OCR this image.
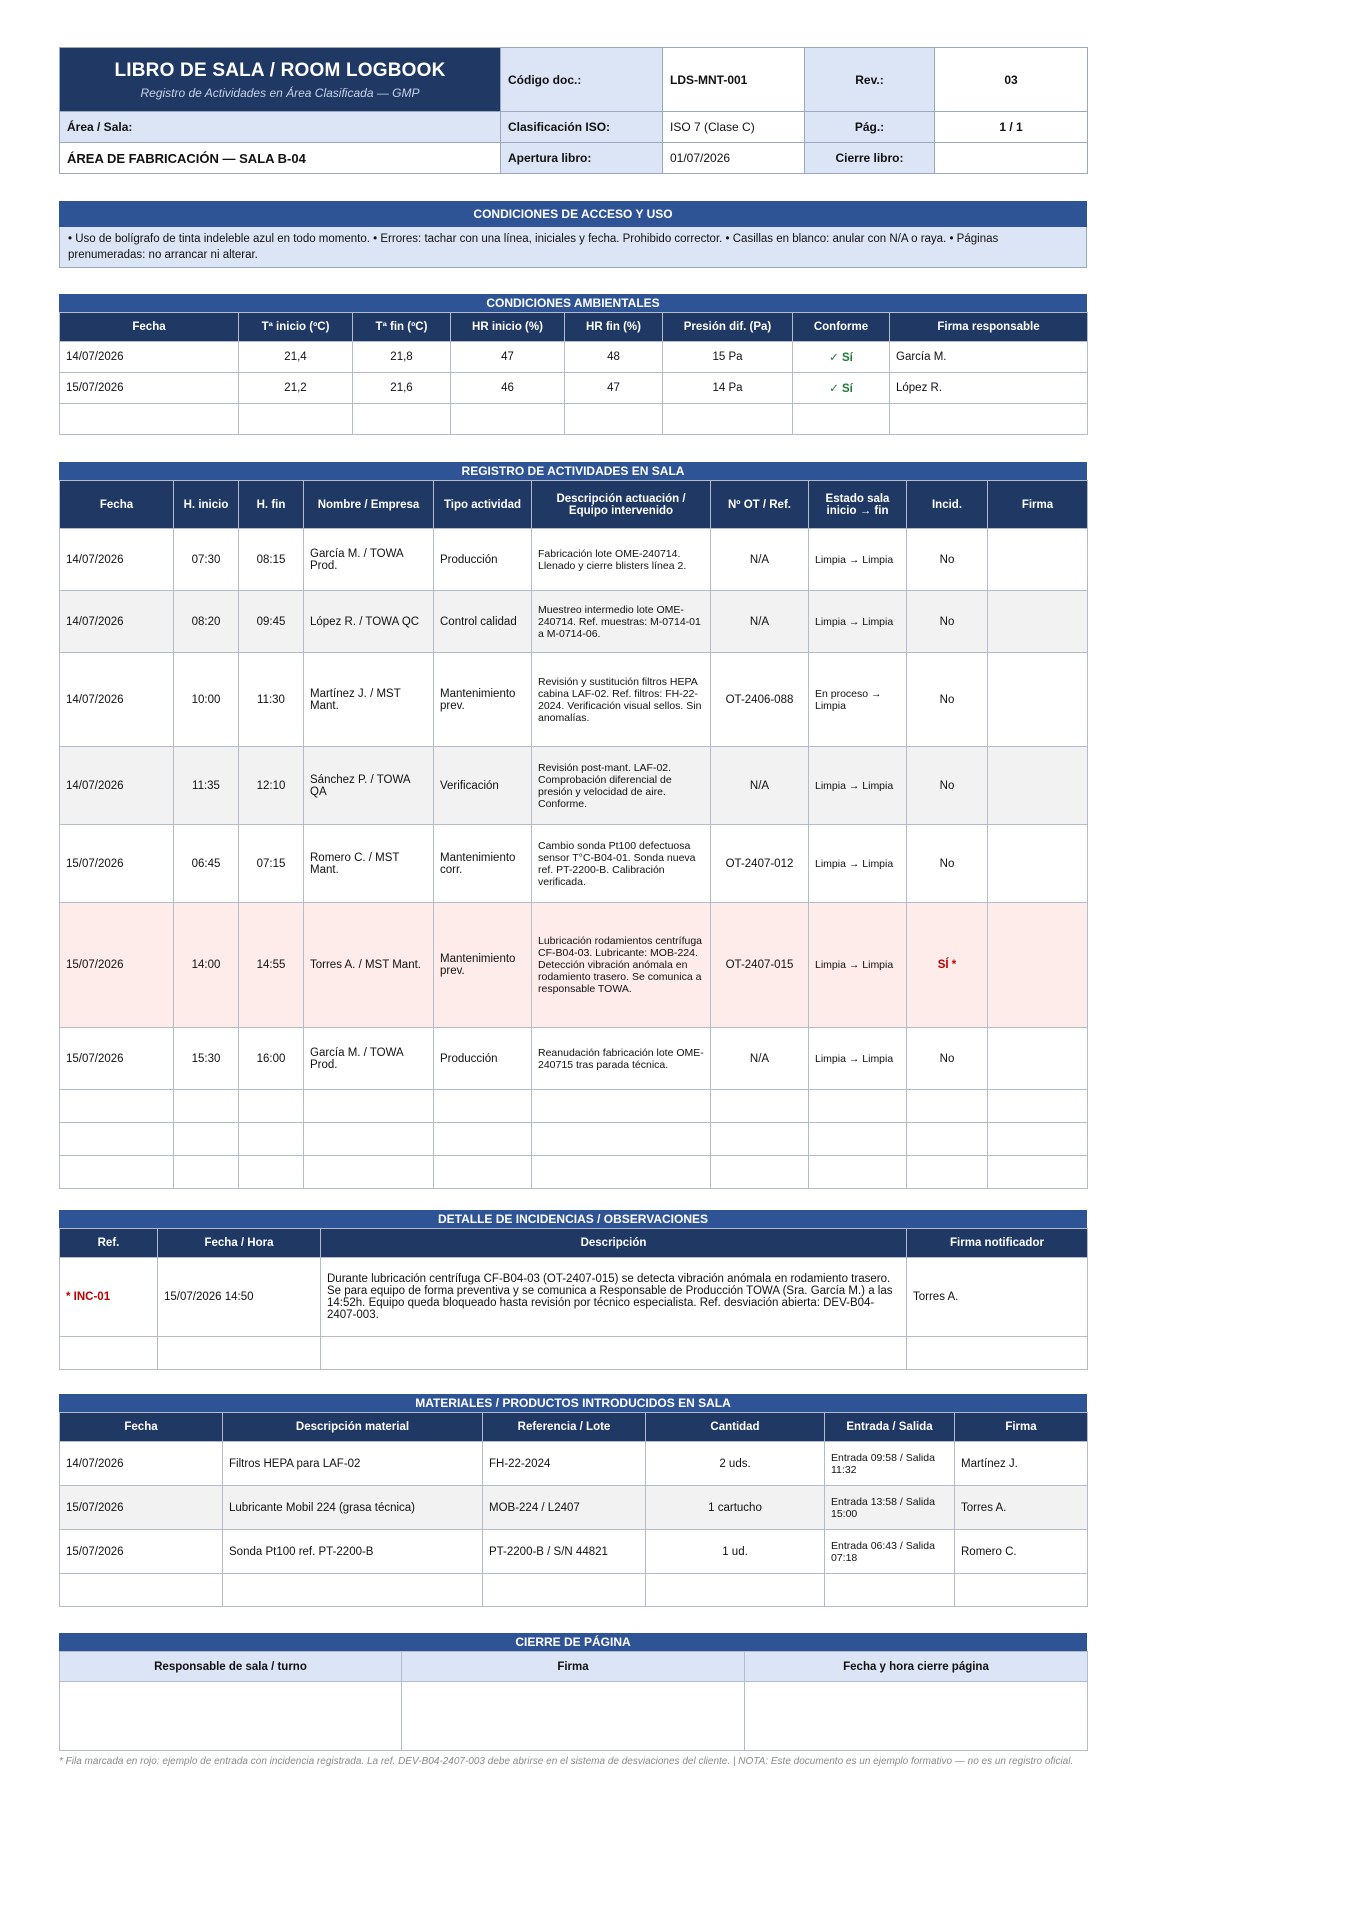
LIBRO DE SALA / ROOM LOGBOOK
Registro de Actividades en Área Clasificada — GMP	Código doc.:	LDS-MNT-001	Rev.:	03
Área / Sala:	Clasificación ISO:	ISO 7 (Clase C)	Pág.:	1 / 1
ÁREA DE FABRICACIÓN — SALA B-04	Apertura libro:	01/07/2026	Cierre libro:	
CONDICIONES DE ACCESO Y USO
• Uso de bolígrafo de tinta indeleble azul en todo momento. • Errores: tachar con una línea, iniciales y fecha. Prohibido corrector. • Casillas en blanco: anular con N/A o raya. • Páginas prenumeradas: no arrancar ni alterar.
CONDICIONES AMBIENTALES
Fecha	Tª inicio (ºC)	Tª fin (ºC)	HR inicio (%)	HR fin (%)	Presión dif. (Pa)	Conforme	Firma responsable
14/07/2026	21,4	21,8	47	48	15 Pa	✓ Sí	García M.
15/07/2026	21,2	21,6	46	47	14 Pa	✓ Sí	López R.

REGISTRO DE ACTIVIDADES EN SALA
Fecha	H. inicio	H. fin	Nombre / Empresa	Tipo actividad	Descripción actuación / Equipo intervenido	Nº OT / Ref.	Estado sala inicio → fin	Incid.	Firma
14/07/2026	07:30	08:15	García M. / TOWA Prod.	Producción	Fabricación lote OME-240714. Llenado y cierre blisters línea 2.	N/A	Limpia → Limpia	No	
14/07/2026	08:20	09:45	López R. / TOWA QC	Control calidad	Muestreo intermedio lote OME-240714. Ref. muestras: M-0714-01 a M-0714-06.	N/A	Limpia → Limpia	No	
14/07/2026	10:00	11:30	Martínez J. / MST Mant.	Mantenimiento prev.	Revisión y sustitución filtros HEPA cabina LAF-02. Ref. filtros: FH-22-2024. Verificación visual sellos. Sin anomalías.	OT-2406-088	En proceso → Limpia	No	
14/07/2026	11:35	12:10	Sánchez P. / TOWA QA	Verificación	Revisión post-mant. LAF-02. Comprobación diferencial de presión y velocidad de aire. Conforme.	N/A	Limpia → Limpia	No	
15/07/2026	06:45	07:15	Romero C. / MST Mant.	Mantenimiento corr.	Cambio sonda Pt100 defectuosa sensor T°C-B04-01. Sonda nueva ref. PT-2200-B. Calibración verificada.	OT-2407-012	Limpia → Limpia	No	
15/07/2026	14:00	14:55	Torres A. / MST Mant.	Mantenimiento prev.	Lubricación rodamientos centrífuga CF-B04-03. Lubricante: MOB-224. Detección vibración anómala en rodamiento trasero. Se comunica a responsable TOWA.	OT-2407-015	Limpia → Limpia	SÍ *	
15/07/2026	15:30	16:00	García M. / TOWA Prod.	Producción	Reanudación fabricación lote OME-240715 tras parada técnica.	N/A	Limpia → Limpia	No	

DETALLE DE INCIDENCIAS / OBSERVACIONES
Ref.	Fecha / Hora	Descripción	Firma notificador
* INC-01	15/07/2026 14:50	Durante lubricación centrífuga CF-B04-03 (OT-2407-015) se detecta vibración anómala en rodamiento trasero. Se para equipo de forma preventiva y se comunica a Responsable de Producción TOWA (Sra. García M.) a las 14:52h. Equipo queda bloqueado hasta revisión por técnico especialista. Ref. desviación abierta: DEV-B04-2407-003.	Torres A.

MATERIALES / PRODUCTOS INTRODUCIDOS EN SALA
Fecha	Descripción material	Referencia / Lote	Cantidad	Entrada / Salida	Firma
14/07/2026	Filtros HEPA para LAF-02	FH-22-2024	2 uds.	Entrada 09:58 / Salida 11:32	Martínez J.
15/07/2026	Lubricante Mobil 224 (grasa técnica)	MOB-224 / L2407	1 cartucho	Entrada 13:58 / Salida 15:00	Torres A.
15/07/2026	Sonda Pt100 ref. PT-2200-B	PT-2200-B / S/N 44821	1 ud.	Entrada 06:43 / Salida 07:18	Romero C.

CIERRE DE PÁGINA
Responsable de sala / turno	Firma	Fecha y hora cierre página

* Fila marcada en rojo: ejemplo de entrada con incidencia registrada. La ref. DEV-B04-2407-003 debe abrirse en el sistema de desviaciones del cliente. | NOTA: Este documento es un ejemplo formativo — no es un registro oficial.
